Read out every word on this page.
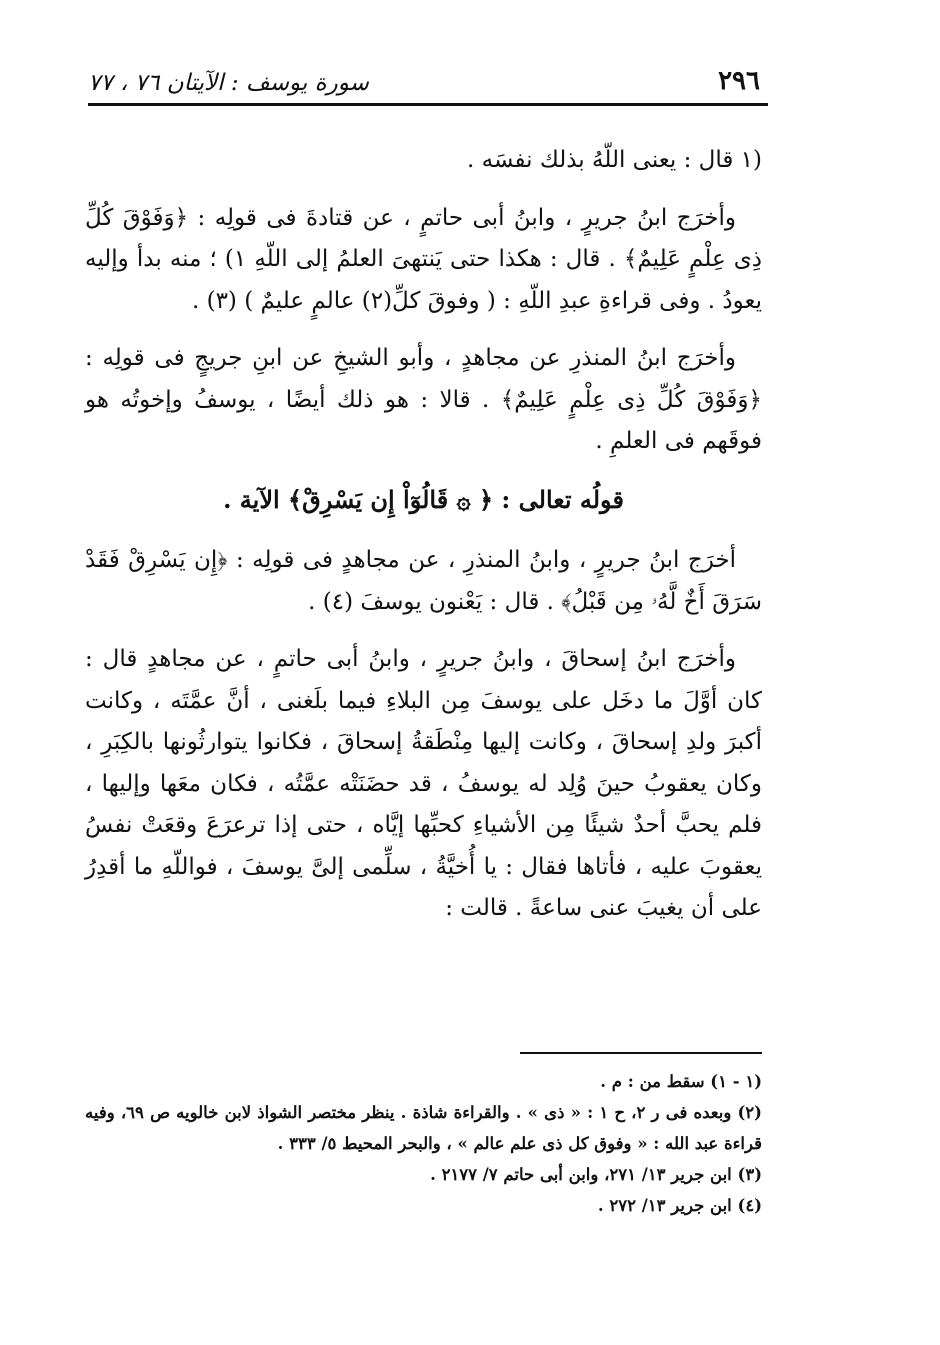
٢٩٦
سورة يوسف : الآيتان ٧٦ ، ٧٧

(١ قال : يعنى اللّهُ بذلك نفسَه .

وأخرَج ابنُ جريرٍ ، وابنُ أبى حاتمٍ ، عن قتادةَ فى قولِه : ﴿وَفَوْقَ كُلِّ ذِى عِلْمٍ عَلِيمٌ﴾ . قال : هكذا حتى يَنتهىَ العلمُ إلى اللّهِ ١) ؛ منه بدأ وإليه يعودُ . وفى قراءةِ عبدِ اللّهِ : ( وفوقَ كلِّ(٢) عالمٍ عليمٌ ) (٣) .

وأخرَج ابنُ المنذرِ عن مجاهدٍ ، وأبو الشيخِ عن ابنِ جريجٍ فى قولِه : ﴿وَفَوْقَ كُلِّ ذِى عِلْمٍ عَلِيمٌ﴾ . قالا : هو ذلك أيضًا ، يوسفُ وإخوتُه هو فوقَهم فى العلمِ .

قولُه تعالى : ﴿ ۞ قَالُوٓاْ إِن يَسْرِقْ﴾ الآية .

أخرَج ابنُ جريرٍ ، وابنُ المنذرِ ، عن مجاهدٍ فى قولِه : ﴿إِن يَسْرِقْ فَقَدْ سَرَقَ أَخٌ لَّهُۥ مِن قَبْلُ﴾ . قال : يَعْنون يوسفَ (٤) .

وأخرَج ابنُ إسحاقَ ، وابنُ جريرٍ ، وابنُ أبى حاتمٍ ، عن مجاهدٍ قال : كان أوَّلَ ما دخَل على يوسفَ مِن البلاءِ فيما بلَغنى ، أنَّ عمَّتَه ، وكانت أكبرَ ولدِ إسحاقَ ، وكانت إليها مِنْطَقةُ إسحاقَ ، فكانوا يتوارثُونها بالكِبَرِ ، وكان يعقوبُ حينَ وُلِد له يوسفُ ، قد حضَنَتْه عمَّتُه ، فكان معَها وإليها ، فلم يحبَّ أحدٌ شيئًا مِن الأشياءِ كحبِّها إيَّاه ، حتى إذا ترعرَعَ وقعَتْ نفسُ يعقوبَ عليه ، فأتاها فقال : يا أُخيَّةُ ، سلِّمى إلىَّ يوسفَ ، فواللّهِ ما أقدِرُ على أن يغيبَ عنى ساعةً . قالت :

(١ - ١) سقط من : م .

(٢) وبعده فى ر ٢، ح ١ : « ذى » . والقراءة شاذة . ينظر مختصر الشواذ لابن خالويه ص ٦٩، وفيه قراءة عبد الله : « وفوق كل ذى علم عالم » ، والبحر المحيط ٥/ ٣٣٣ .

(٣) ابن جرير ١٣/ ٢٧١، وابن أبى حاتم ٧/ ٢١٧٧ .

(٤) ابن جرير ١٣/ ٢٧٢ .
